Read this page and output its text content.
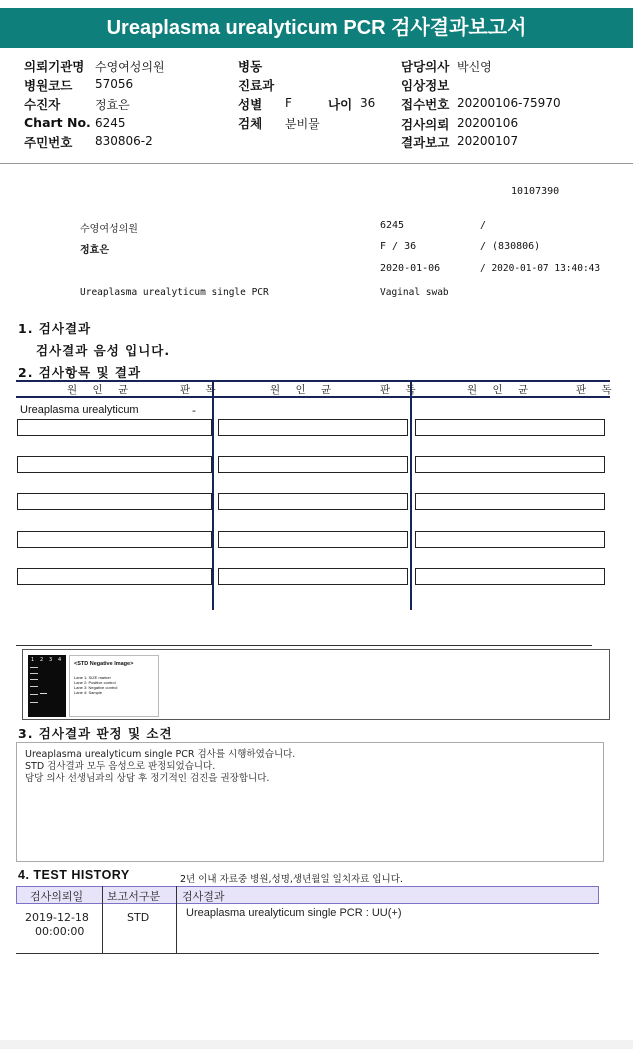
Ureaplasma urealyticum PCR 검사결과보고서
의뢰기관명 수영여성의원
병원코드 57056
수진자	정효은
Chart No. 6245
주민번호 830806-2
병동
진료과
성별 F	나이 36
검체 분비물
담당의사 박신영
임상정보
접수번호 20200106-75970
검사의뢰 20200106
결과보고 20200107
10107390
수영여성의원	6245	/
정효은	F / 36	/ (830806)
2020-01-06	/ 2020-01-07 13:40:43
Ureaplasma urealyticum single PCR	Vaginal swab
1. 검사결과
검사결과 음성 입니다.
2. 검사항목 및 결과
원 인 균	판 독	원 인 균	판 독	원 인 균	판 독
Ureaplasma urealyticum	-
1 2 3 4
<STD Negative Image>
Lane 1: SIZE marker
Lane 2: Positive control
Lane 3: Negative control
Lane 4: Sample
3. 검사결과 판정 및 소견
Ureaplasma urealyticum single PCR 검사를 시행하였습니다.
STD 검사결과 모두 음성으로 판정되었습니다.
담당 의사 선생님과의 상담 후 정기적인 검진을 권장합니다.
4. TEST HISTORY	2년 이내 자료중 병원,성명,생년월일 일치자료 입니다.
검사의뢰일 보고서구분 검사결과
2019-12-18
00:00:00
STD	Ureaplasma urealyticum single PCR : UU(+)
